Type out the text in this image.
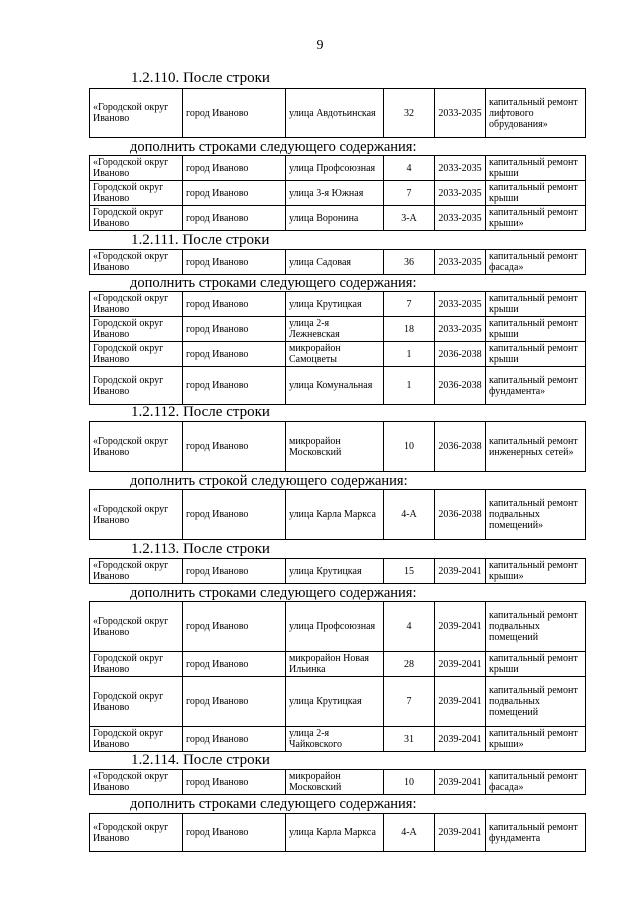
9
1.2.110. После строки
«Городской округ Иваново	город Иваново	улица Авдотьинская	32	2033-2035	капитальный ремонт лифтового обрудования»
дополнить строками следующего содержания:
«Городской округ Иваново	город Иваново	улица Профсоюзная	4	2033-2035	капитальный ремонт крыши
Городской округ Иваново	город Иваново	улица 3-я Южная	7	2033-2035	капитальный ремонт крыши
Городской округ Иваново	город Иваново	улица Воронина	3-А	2033-2035	капитальный ремонт крыши»
1.2.111. После строки
«Городской округ Иваново	город Иваново	улица Садовая	36	2033-2035	капитальный ремонт фасада»
дополнить строками следующего содержания:
«Городской округ Иваново	город Иваново	улица Крутицкая	7	2033-2035	капитальный ремонт крыши
Городской округ Иваново	город Иваново	улица 2-я Лежневская	18	2033-2035	капитальный ремонт крыши
Городской округ Иваново	город Иваново	микрорайон Самоцветы	1	2036-2038	капитальный ремонт крыши
Городской округ Иваново	город Иваново	улица Комунальная	1	2036-2038	капитальный ремонт фундамента»
1.2.112. После строки
«Городской округ Иваново	город Иваново	микрорайон Московский	10	2036-2038	капитальный ремонт инженерных сетей»
дополнить строкой следующего содержания:
«Городской округ Иваново	город Иваново	улица Карла Маркса	4-А	2036-2038	капитальный ремонт подвальных помещений»
1.2.113. После строки
«Городской округ Иваново	город Иваново	улица Крутицкая	15	2039-2041	капитальный ремонт крыши»
дополнить строками следующего содержания:
«Городской округ Иваново	город Иваново	улица Профсоюзная	4	2039-2041	капитальный ремонт подвальных помещений
Городской округ Иваново	город Иваново	микрорайон Новая Ильинка	28	2039-2041	капитальный ремонт крыши
Городской округ Иваново	город Иваново	улица Крутицкая	7	2039-2041	капитальный ремонт подвальных помещений
Городской округ Иваново	город Иваново	улица 2-я Чайковского	31	2039-2041	капитальный ремонт крыши»
1.2.114. После строки
«Городской округ Иваново	город Иваново	микрорайон Московский	10	2039-2041	капитальный ремонт фасада»
дополнить строками следующего содержания:
«Городской округ Иваново	город Иваново	улица Карла Маркса	4-А	2039-2041	капитальный ремонт фундамента
